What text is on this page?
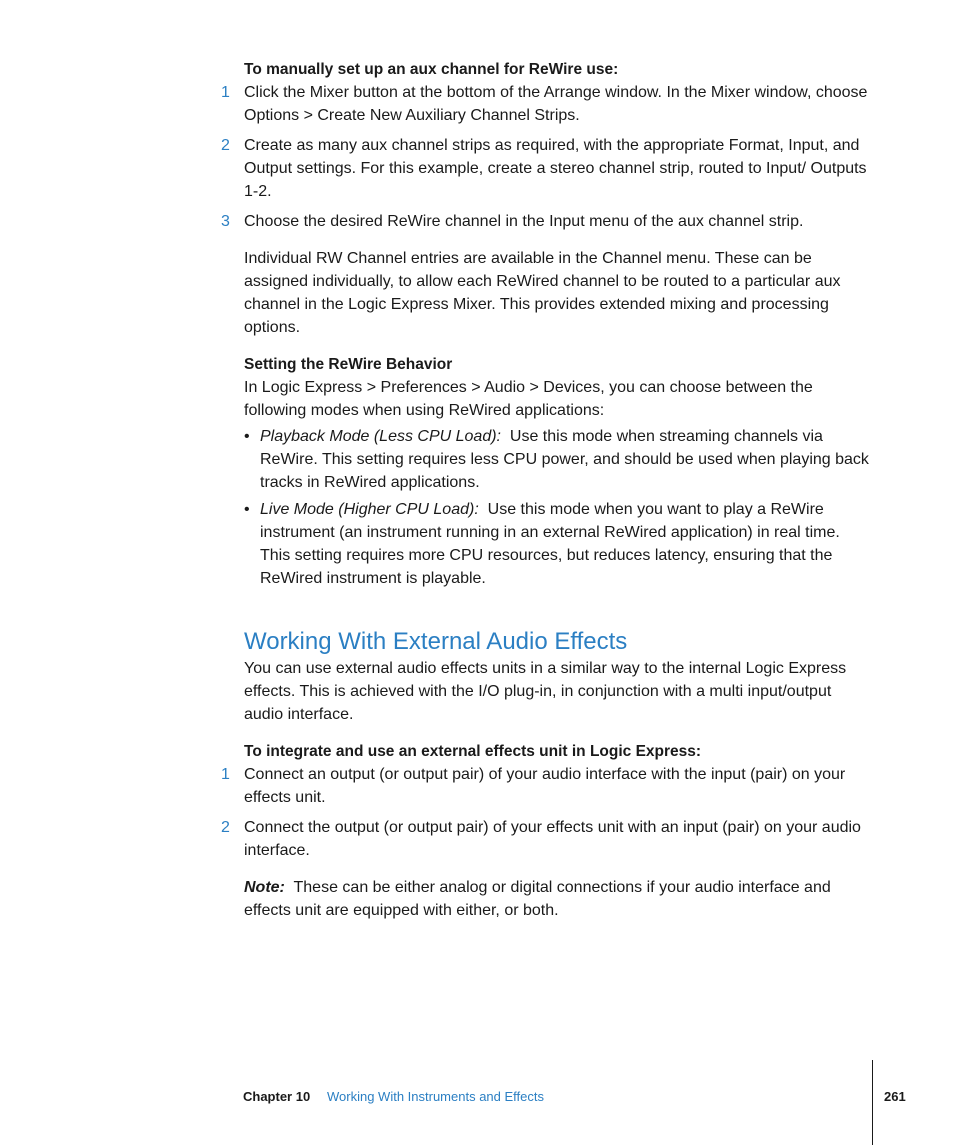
To manually set up an aux channel for ReWire use:
1 Click the Mixer button at the bottom of the Arrange window. In the Mixer window, choose Options > Create New Auxiliary Channel Strips.
2 Create as many aux channel strips as required, with the appropriate Format, Input, and Output settings. For this example, create a stereo channel strip, routed to Input/ Outputs 1-2.
3 Choose the desired ReWire channel in the Input menu of the aux channel strip.
Individual RW Channel entries are available in the Channel menu. These can be assigned individually, to allow each ReWired channel to be routed to a particular aux channel in the Logic Express Mixer. This provides extended mixing and processing options.
Setting the ReWire Behavior
In Logic Express > Preferences > Audio > Devices, you can choose between the following modes when using ReWired applications:
• Playback Mode (Less CPU Load): Use this mode when streaming channels via ReWire. This setting requires less CPU power, and should be used when playing back tracks in ReWired applications.
• Live Mode (Higher CPU Load): Use this mode when you want to play a ReWire instrument (an instrument running in an external ReWired application) in real time. This setting requires more CPU resources, but reduces latency, ensuring that the ReWired instrument is playable.
Working With External Audio Effects
You can use external audio effects units in a similar way to the internal Logic Express effects. This is achieved with the I/O plug-in, in conjunction with a multi input/output audio interface.
To integrate and use an external effects unit in Logic Express:
1 Connect an output (or output pair) of your audio interface with the input (pair) on your effects unit.
2 Connect the output (or output pair) of your effects unit with an input (pair) on your audio interface.
Note: These can be either analog or digital connections if your audio interface and effects unit are equipped with either, or both.
Chapter 10 Working With Instruments and Effects	261
